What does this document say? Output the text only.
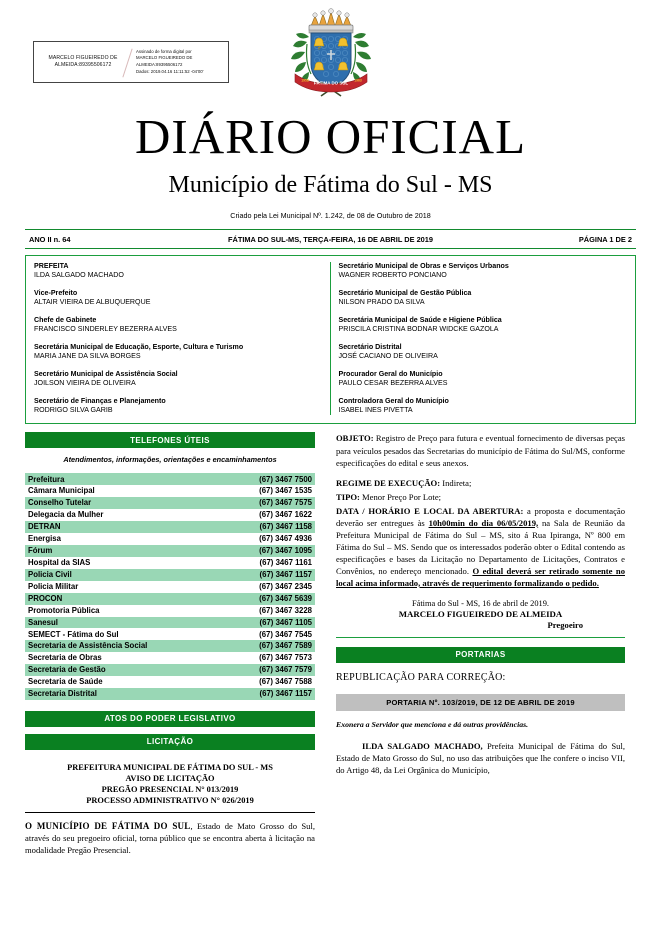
MARCELO FIGUEIREDO DE
ALMEIDA:89395506172
Assinado de forma digital por
MARCELO FIGUEIREDO DE
ALMEIDA:89395506172
Dados: 2019.04.16 11:11:52 -04'00'
FÁTIMA DO SUL
1958	1963
DIÁRIO OFICIAL
Município de Fátima do Sul - MS
Criado pela Lei Municipal Nº. 1.242, de 08 de Outubro de 2018
ANO II n. 64	FÁTIMA DO SUL-MS, TERÇA-FEIRA, 16 DE ABRIL DE 2019	PÁGINA 1 DE 2
PREFEITA
ILDA SALGADO MACHADO
Vice-Prefeito
ALTAIR VIEIRA DE ALBUQUERQUE
Chefe de Gabinete
FRANCISCO SINDERLEY BEZERRA ALVES
Secretária Municipal de Educação, Esporte, Cultura e Turismo
MARIA JANE DA SILVA BORGES
Secretário Municipal de Assistência Social
JOILSON VIEIRA DE OLIVEIRA
Secretário de Finanças e Planejamento
RODRIGO SILVA GARIB
Secretário Municipal de Obras e Serviços Urbanos
WAGNER ROBERTO PONCIANO
Secretário Municipal de Gestão Pública
NILSON PRADO DA SILVA
Secretária Municipal de Saúde e Higiene Pública
PRISCILA CRISTINA BODNAR WIDCKE GAZOLA
Secretário Distrital
JOSÉ CACIANO DE OLIVEIRA
Procurador Geral do Município
PAULO CESAR BEZERRA ALVES
Controladora Geral do Município
ISABEL INES PIVETTA
TELEFONES ÚTEIS
Atendimentos, informações, orientações e encaminhamentos
Prefeitura	(67) 3467 7500
Câmara Municipal	(67) 3467 1535
Conselho Tutelar	(67) 3467 7575
Delegacia da Mulher	(67) 3467 1622
DETRAN	(67) 3467 1158
Energisa	(67) 3467 4936
Fórum	(67) 3467 1095
Hospital da SIAS	(67) 3467 1161
Policia Civil	(67) 3467 1157
Policia Militar	(67) 3467 2345
PROCON	(67) 3467 5639
Promotoria Pública	(67) 3467 3228
Sanesul	(67) 3467 1105
SEMECT - Fátima do Sul	(67) 3467 7545
Secretaria de Assistência Social	(67) 3467 7589
Secretaria de Obras	(67) 3467 7573
Secretaria de Gestão	(67) 3467 7579
Secretaria de Saúde	(67) 3467 7588
Secretaria Distrital	(67) 3467 1157
ATOS DO PODER LEGISLATIVO
LICITAÇÃO
PREFEITURA MUNICIPAL DE FÁTIMA DO SUL - MS
AVISO DE LICITAÇÃO
PREGÃO PRESENCIAL N° 013/2019
PROCESSO ADMINISTRATIVO N° 026/2019
O MUNICÍPIO DE FÁTIMA DO SUL, Estado de Mato Grosso do Sul, através do seu pregoeiro oficial, torna público que se encontra aberta à licitação na modalidade Pregão Presencial.
OBJETO: Registro de Preço para futura e eventual fornecimento de diversas peças para veículos pesados das Secretarias do município de Fátima do Sul/MS, conforme especificações do edital e seus anexos.
REGIME DE EXECUÇÃO: Indireta;
TIPO: Menor Preço Por Lote;
DATA / HORÁRIO E LOCAL DA ABERTURA: a proposta e documentação deverão ser entregues às 10h00min do dia 06/05/2019, na Sala de Reunião da Prefeitura Municipal de Fátima do Sul – MS, sito á Rua Ipiranga, Nº 800 em Fátima do Sul – MS. Sendo que os interessados poderão obter o Edital contendo as especificações e bases da Licitação no Departamento de Licitações, Contratos e Convênios, no endereço mencionado. O edital deverá ser retirado somente no local acima informado, através de requerimento formalizando o pedido.
Fátima do Sul - MS, 16 de abril de 2019.
MARCELO FIGUEIREDO DE ALMEIDA
Pregoeiro
PORTARIAS
REPUBLICAÇÃO PARA CORREÇÃO:
PORTARIA Nº. 103/2019, DE 12 DE ABRIL DE 2019
Exonera a Servidor que menciona e dá outras providências.
ILDA SALGADO MACHADO, Prefeita Municipal de Fátima do Sul, Estado de Mato Grosso do Sul, no uso das atribuições que lhe confere o inciso VII, do Artigo 48, da Lei Orgânica do Município,
